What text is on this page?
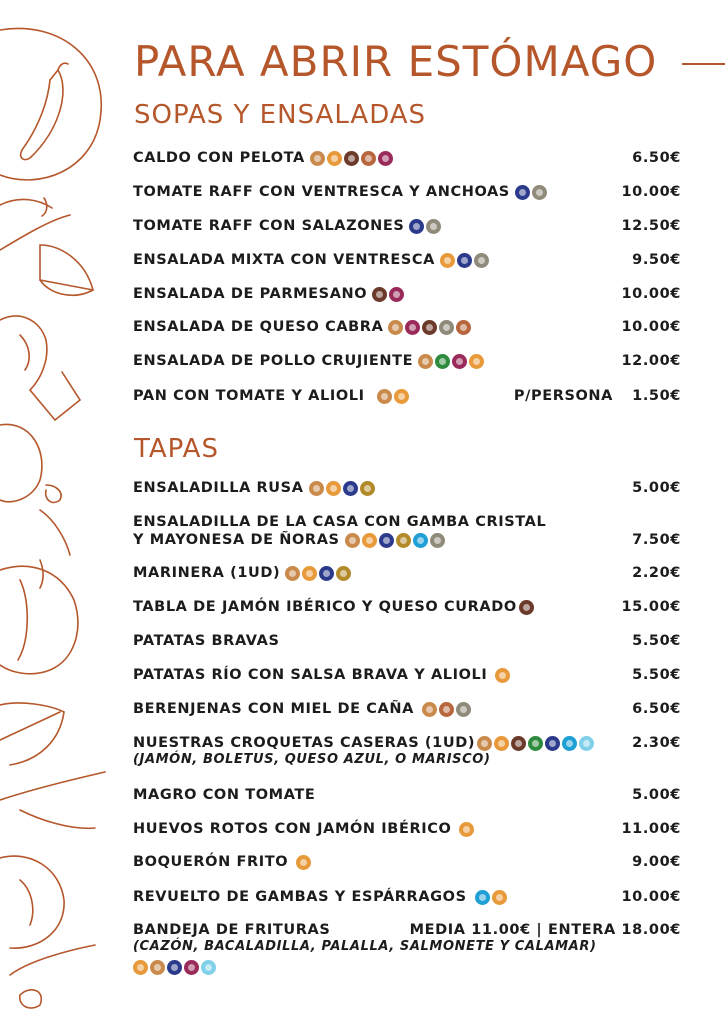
PARA ABRIR ESTÓMAGO
SOPAS Y ENSALADAS
CALDO CON PELOTA	6.50€
TOMATE RAFF CON VENTRESCA Y ANCHOAS	10.00€
TOMATE RAFF CON SALAZONES	12.50€
ENSALADA MIXTA CON VENTRESCA	9.50€
ENSALADA DE PARMESANO	10.00€
ENSALADA DE QUESO CABRA	10.00€
ENSALADA DE POLLO CRUJIENTE	12.00€
PAN CON TOMATE Y ALIOLI	P/PERSONA 1.50€
TAPAS
ENSALADILLA RUSA	5.00€
ENSALADILLA DE LA CASA CON GAMBA CRISTAL
Y MAYONESA DE ÑORAS	7.50€
MARINERA (1UD)	2.20€
TABLA DE JAMÓN IBÉRICO Y QUESO CURADO	15.00€
PATATAS BRAVAS	5.50€
PATATAS RÍO CON SALSA BRAVA Y ALIOLI	5.50€
BERENJENAS CON MIEL DE CAÑA	6.50€
NUESTRAS CROQUETAS CASERAS (1UD)	2.30€
(JAMÓN, BOLETUS, QUESO AZUL, O MARISCO)
MAGRO CON TOMATE	5.00€
HUEVOS ROTOS CON JAMÓN IBÉRICO	11.00€
BOQUERÓN FRITO	9.00€
REVUELTO DE GAMBAS Y ESPÁRRAGOS	10.00€
BANDEJA DE FRITURAS	MEDIA 11.00€ | ENTERA 18.00€
(CAZÓN, BACALADILLA, PALALLA, SALMONETE Y CALAMAR)
